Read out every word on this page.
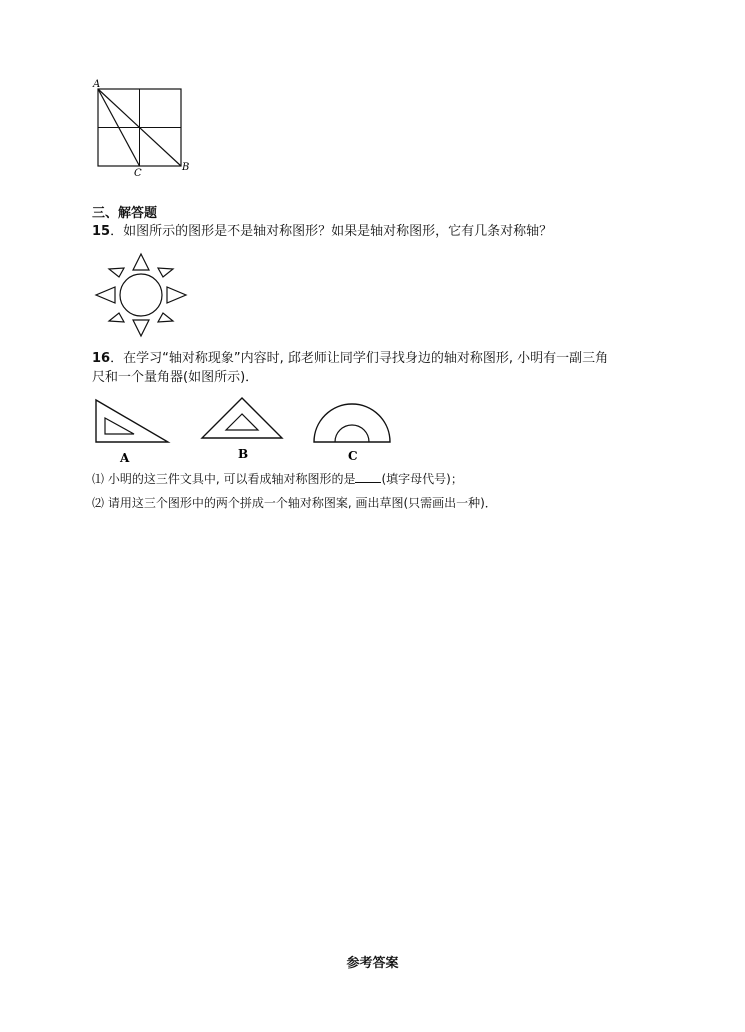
A
B
C
三、解答题
15．如图所示的图形是不是轴对称图形？如果是轴对称图形，它有几条对称轴？
16．在学习“轴对称现象”内容时, 邱老师让同学们寻找身边的轴对称图形, 小明有一副三角
尺和一个量角器(如图所示)．
A	B	C
⑴ 小明的这三件文具中, 可以看成轴对称图形的是 (填字母代号)；
⑵ 请用这三个图形中的两个拼成一个轴对称图案, 画出草图(只需画出一种)．
参考答案
